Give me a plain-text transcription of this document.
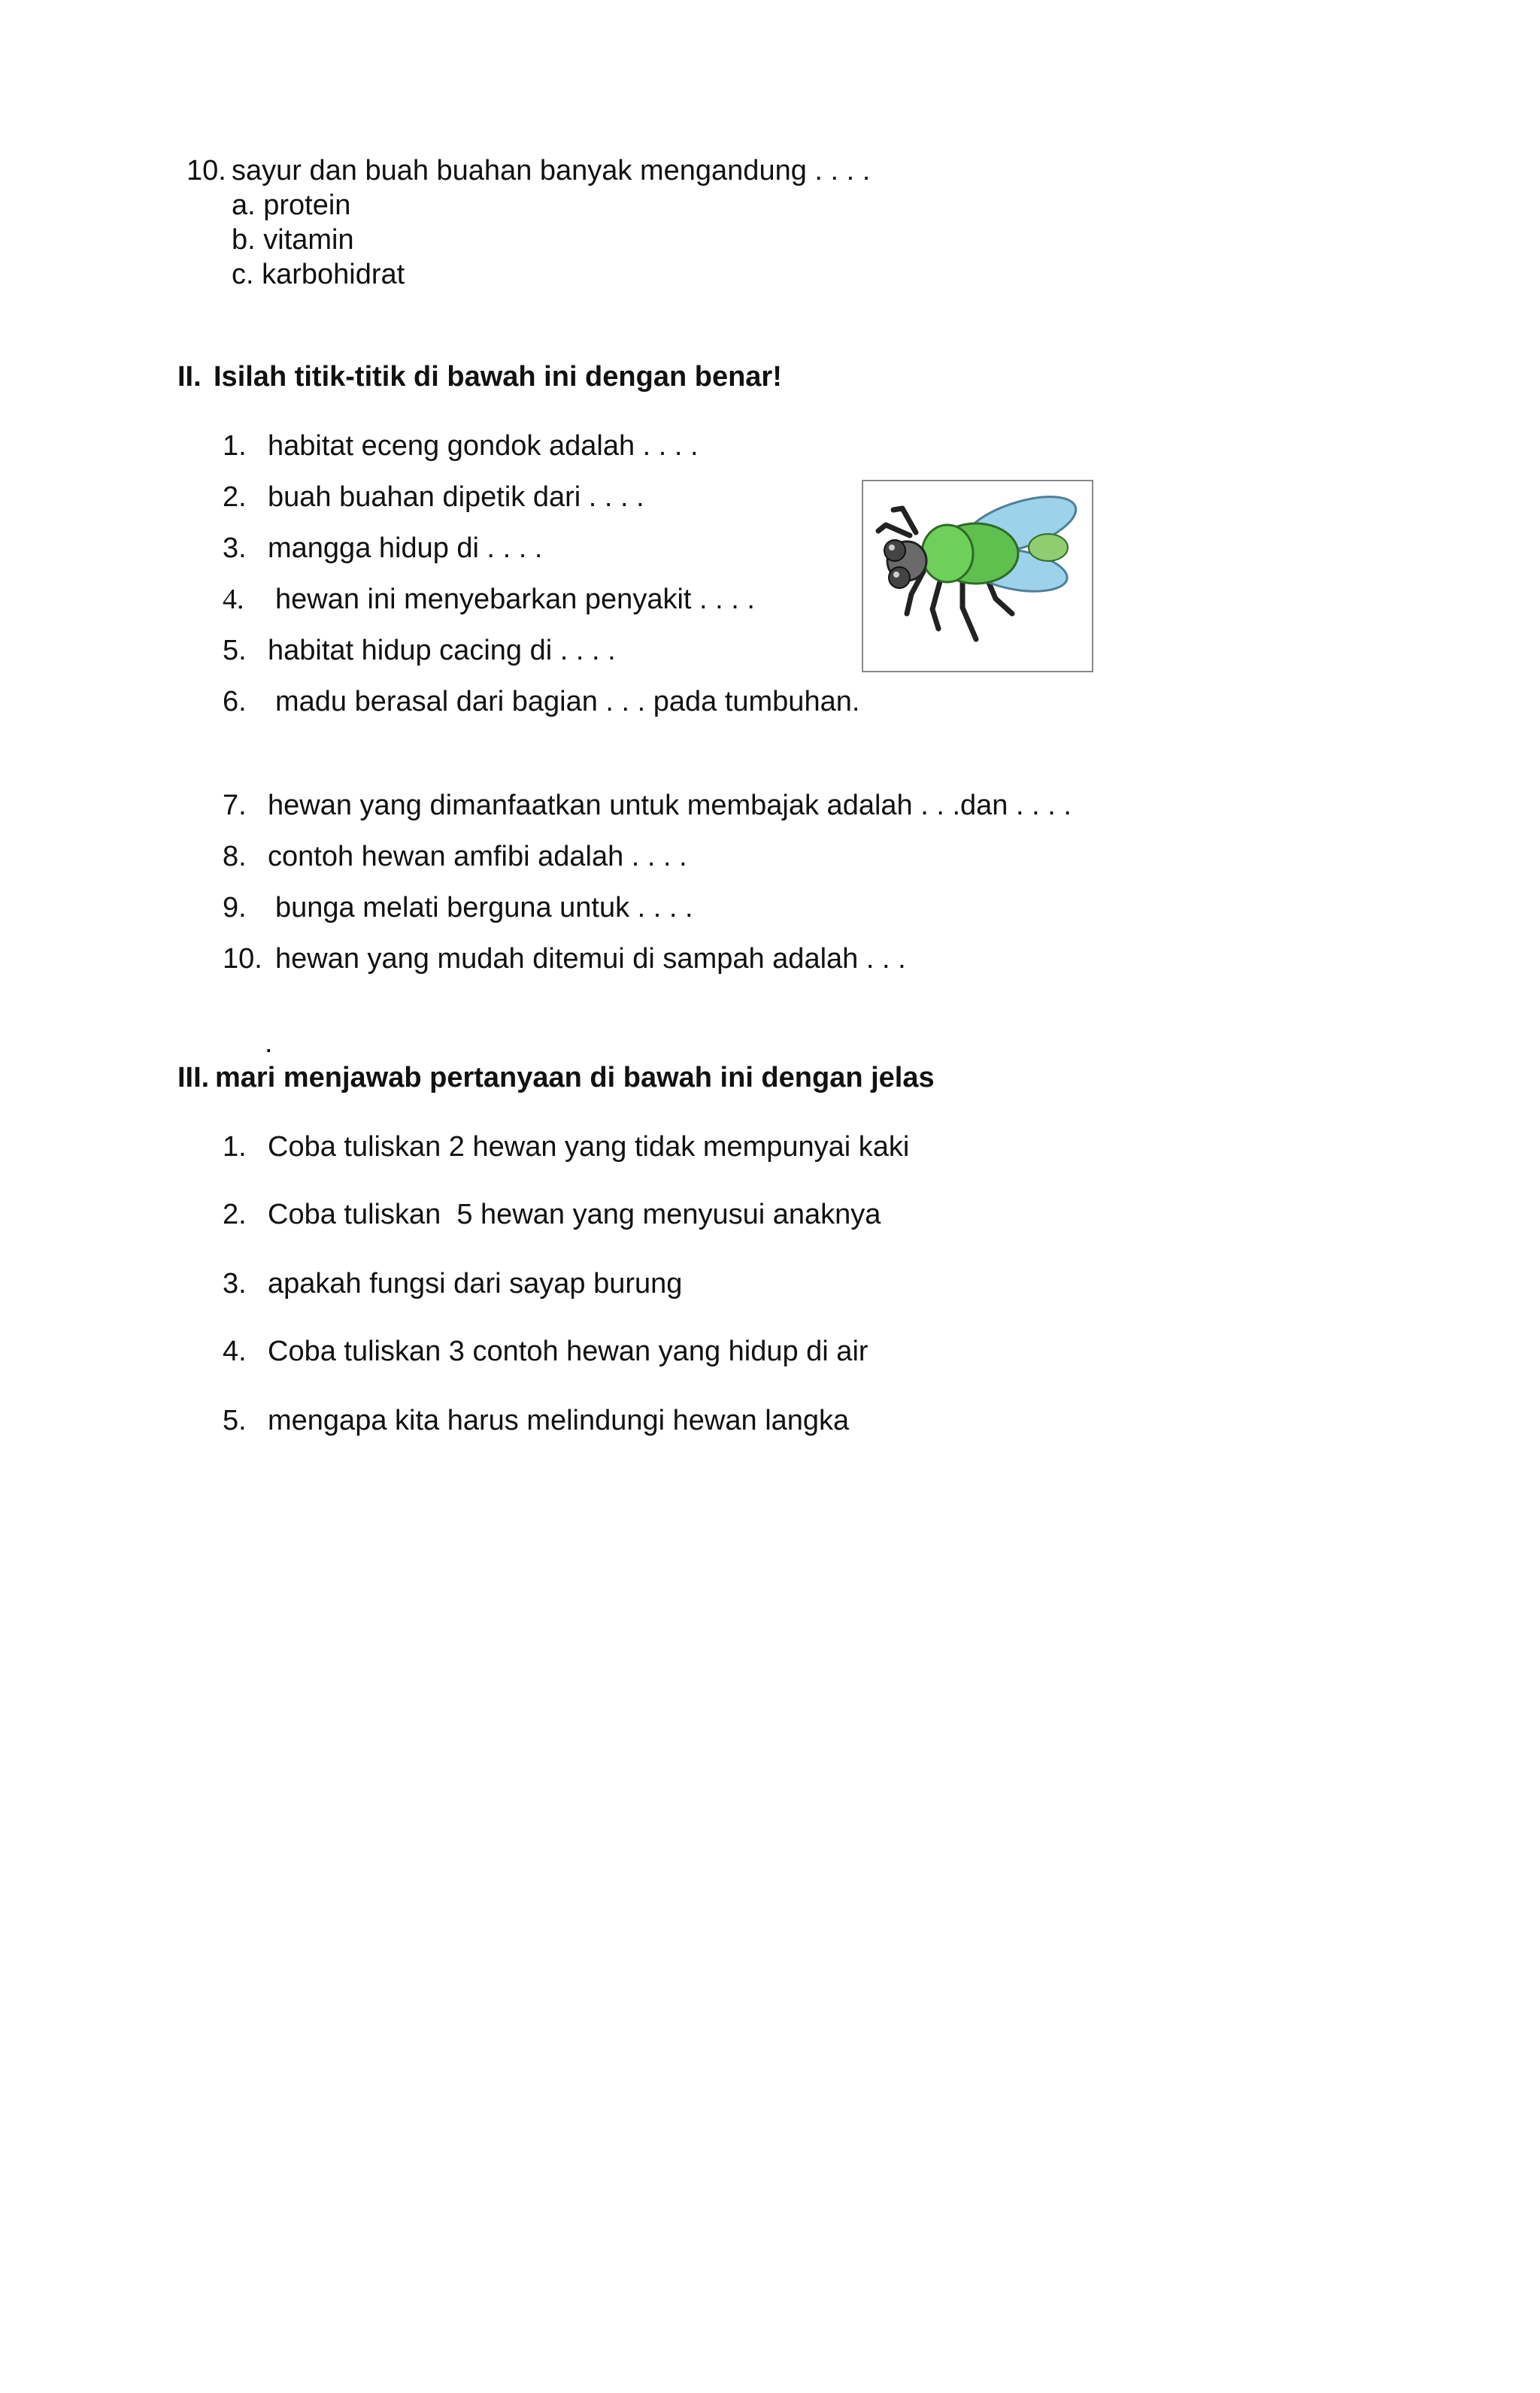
10. sayur dan buah buahan banyak mengandung . . . .
a. protein
b. vitamin
c. karbohidrat
II. Isilah titik-titik di bawah ini dengan benar!
1. habitat eceng gondok adalah . . . .
2. buah buahan dipetik dari . . . .
3. mangga hidup di . . . .
4. hewan ini menyebarkan penyakit . . . .
5. habitat hidup cacing di . . . .
6. madu berasal dari bagian . . . pada tumbuhan.
7. hewan yang dimanfaatkan untuk membajak adalah . . .dan . . . .
8. contoh hewan amfibi adalah . . . .
9. bunga melati berguna untuk . . . .
10. hewan yang mudah ditemui di sampah adalah . . .
.
III. mari menjawab pertanyaan di bawah ini dengan jelas
1. Coba tuliskan 2 hewan yang tidak mempunyai kaki
2. Coba tuliskan  5 hewan yang menyusui anaknya
3. apakah fungsi dari sayap burung
4. Coba tuliskan 3 contoh hewan yang hidup di air
5. mengapa kita harus melindungi hewan langka
